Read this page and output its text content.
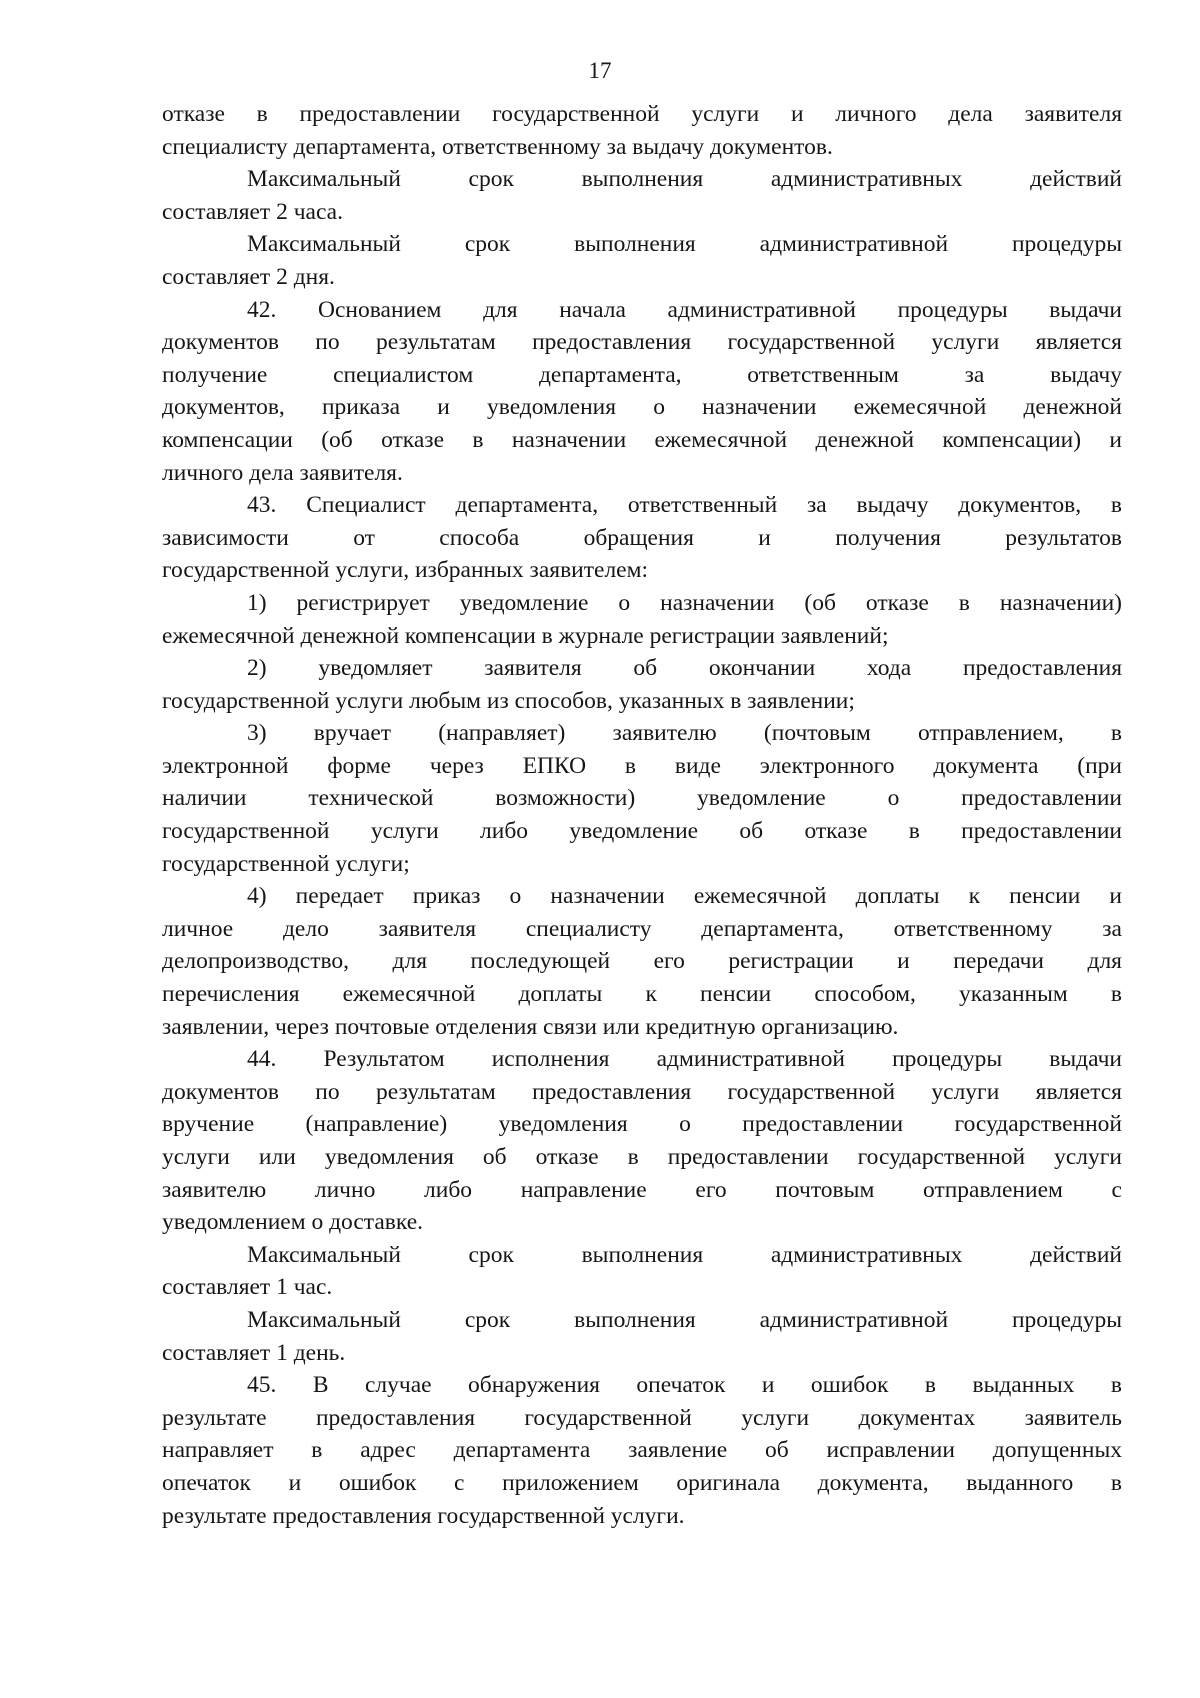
17
отказе в предоставлении государственной услуги и личного дела заявителя
специалисту департамента, ответственному за выдачу документов.
Максимальный срок выполнения административных действий
составляет 2 часа.
Максимальный срок выполнения административной процедуры
составляет 2 дня.
42. Основанием для начала административной процедуры выдачи
документов по результатам предоставления государственной услуги является
получение специалистом департамента, ответственным за выдачу
документов, приказа и уведомления о назначении ежемесячной денежной
компенсации (об отказе в назначении ежемесячной денежной компенсации) и
личного дела заявителя.
43. Специалист департамента, ответственный за выдачу документов, в
зависимости от способа обращения и получения результатов
государственной услуги, избранных заявителем:
1) регистрирует уведомление о назначении (об отказе в назначении)
ежемесячной денежной компенсации в журнале регистрации заявлений;
2) уведомляет заявителя об окончании хода предоставления
государственной услуги любым из способов, указанных в заявлении;
3) вручает (направляет) заявителю (почтовым отправлением, в
электронной форме через ЕПКО в виде электронного документа (при
наличии технической возможности) уведомление о предоставлении
государственной услуги либо уведомление об отказе в предоставлении
государственной услуги;
4) передает приказ о назначении ежемесячной доплаты к пенсии и
личное дело заявителя специалисту департамента, ответственному за
делопроизводство, для последующей его регистрации и передачи для
перечисления ежемесячной доплаты к пенсии способом, указанным в
заявлении, через почтовые отделения связи или кредитную организацию.
44. Результатом исполнения административной процедуры выдачи
документов по результатам предоставления государственной услуги является
вручение (направление) уведомления о предоставлении государственной
услуги или уведомления об отказе в предоставлении государственной услуги
заявителю лично либо направление его почтовым отправлением с
уведомлением о доставке.
Максимальный срок выполнения административных действий
составляет 1 час.
Максимальный срок выполнения административной процедуры
составляет 1 день.
45. В случае обнаружения опечаток и ошибок в выданных в
результате предоставления государственной услуги документах заявитель
направляет в адрес департамента заявление об исправлении допущенных
опечаток и ошибок с приложением оригинала документа, выданного в
результате предоставления государственной услуги.
